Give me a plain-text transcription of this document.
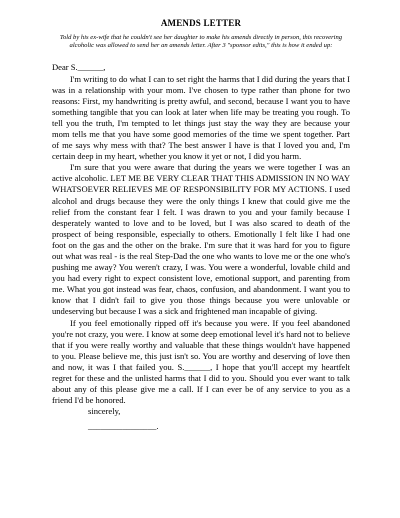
AMENDS LETTER
Told by his ex-wife that he couldn't see her daughter to make his amends directly in person, this recovering alcoholic was allowed to send her an amends letter. After 3 "sponsor edits," this is how it ended up:
Dear S.______,

I'm writing to do what I can to set right the harms that I did during the years that I was in a relationship with your mom. I've chosen to type rather than phone for two reasons: First, my handwriting is pretty awful, and second, because I want you to have something tangible that you can look at later when life may be treating you rough. To tell you the truth, I'm tempted to let things just stay the way they are because your mom tells me that you have some good memories of the time we spent together. Part of me says why mess with that? The best answer I have is that I loved you and, I'm certain deep in my heart, whether you know it yet or not, I did you harm.

I'm sure that you were aware that during the years we were together I was an active alcoholic. LET ME BE VERY CLEAR THAT THIS ADMISSION IN NO WAY WHATSOEVER RELIEVES ME OF RESPONSIBILITY FOR MY ACTIONS. I used alcohol and drugs because they were the only things I knew that could give me the relief from the constant fear I felt. I was drawn to you and your family because I desperately wanted to love and to be loved, but I was also scared to death of the prospect of being responsible, especially to others. Emotionally I felt like I had one foot on the gas and the other on the brake. I'm sure that it was hard for you to figure out what was real - is the real Step-Dad the one who wants to love me or the one who's pushing me away? You weren't crazy, I was. You were a wonderful, lovable child and you had every right to expect consistent love, emotional support, and parenting from me. What you got instead was fear, chaos, confusion, and abandonment. I want you to know that I didn't fail to give you those things because you were unlovable or undeserving but because I was a sick and frightened man incapable of giving.

If you feel emotionally ripped off it's because you were. If you feel abandoned you're not crazy, you were. I know at some deep emotional level it's hard not to believe that if you were really worthy and valuable that these things wouldn't have happened to you. Please believe me, this just isn't so. You are worthy and deserving of love then and now, it was I that failed you. S.______, I hope that you'll accept my heartfelt regret for these and the unlisted harms that I did to you. Should you ever want to talk about any of this please give me a call. If I can ever be of any service to you as a friend I'd be honored.

sincerely,
________________.
